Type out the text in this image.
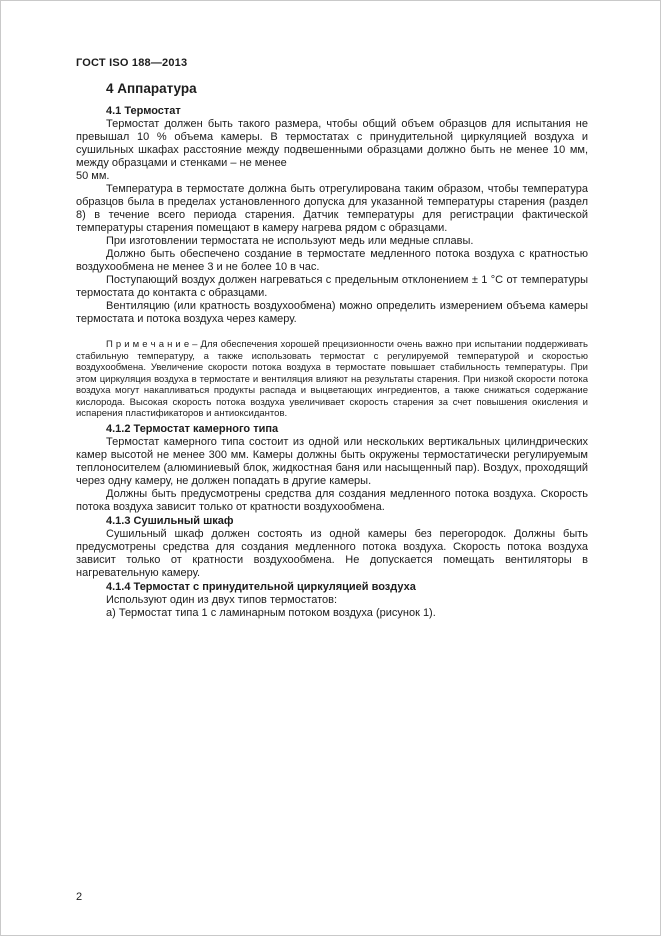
ГОСТ ISO 188—2013
4 Аппаратура
4.1 Термостат

Термостат должен быть такого размера, чтобы общий объем образцов для испытания не превышал 10 % объема камеры. В термостатах с принудительной циркуляцией воздуха и сушильных шкафах расстояние между подвешенными образцами должно быть не менее 10 мм, между образцами и стенками – не менее

50 мм.

Температура в термостате должна быть отрегулирована таким образом, чтобы температура образцов была в пределах установленного допуска для указанной температуры старения (раздел 8) в течение всего периода старения. Датчик температуры для регистрации фактической температуры старения помещают в камеру нагрева рядом с образцами.

При изготовлении термостата не используют медь или медные сплавы.

Должно быть обеспечено создание в термостате медленного потока воздуха с кратностью воздухообмена не менее 3 и не более 10 в час.

Поступающий воздух должен нагреваться с предельным отклонением ± 1 °С от температуры термостата до контакта с образцами.

Вентиляцию (или кратность воздухообмена) можно определить измерением объема камеры термостата и потока воздуха через камеру.

П р и м е ч а н и е – Для обеспечения хорошей прецизионности очень важно при испытании поддерживать стабильную температуру, а также использовать термостат с регулируемой температурой и скоростью воздухообмена. Увеличение скорости потока воздуха в термостате повышает стабильность температуры. При этом циркуляция воздуха в термостате и вентиляция влияют на результаты старения. При низкой скорости потока воздуха могут накапливаться продукты распада и выцветающих ингредиентов, а также снижаться содержание кислорода. Высокая скорость потока воздуха увеличивает скорость старения за счет повышения окисления и испарения пластификаторов и антиоксидантов.

4.1.2 Термостат камерного типа

Термостат камерного типа состоит из одной или нескольких вертикальных цилиндрических камер высотой не менее 300 мм. Камеры должны быть окружены термостатически регулируемым теплоносителем (алюминиевый блок, жидкостная баня или насыщенный пар). Воздух, проходящий через одну камеру, не должен попадать в другие камеры.

Должны быть предусмотрены средства для создания медленного потока воздуха. Скорость потока воздуха зависит только от кратности воздухообмена.

4.1.3 Сушильный шкаф

Сушильный шкаф должен состоять из одной камеры без перегородок. Должны быть предусмотрены средства для создания медленного потока воздуха. Скорость потока воздуха зависит только от кратности воздухообмена. Не допускается помещать вентиляторы в нагревательную камеру.

4.1.4 Термостат с принудительной циркуляцией воздуха

Используют один из двух типов термостатов:

а) Термостат типа 1 с ламинарным потоком воздуха (рисунок 1).

2
